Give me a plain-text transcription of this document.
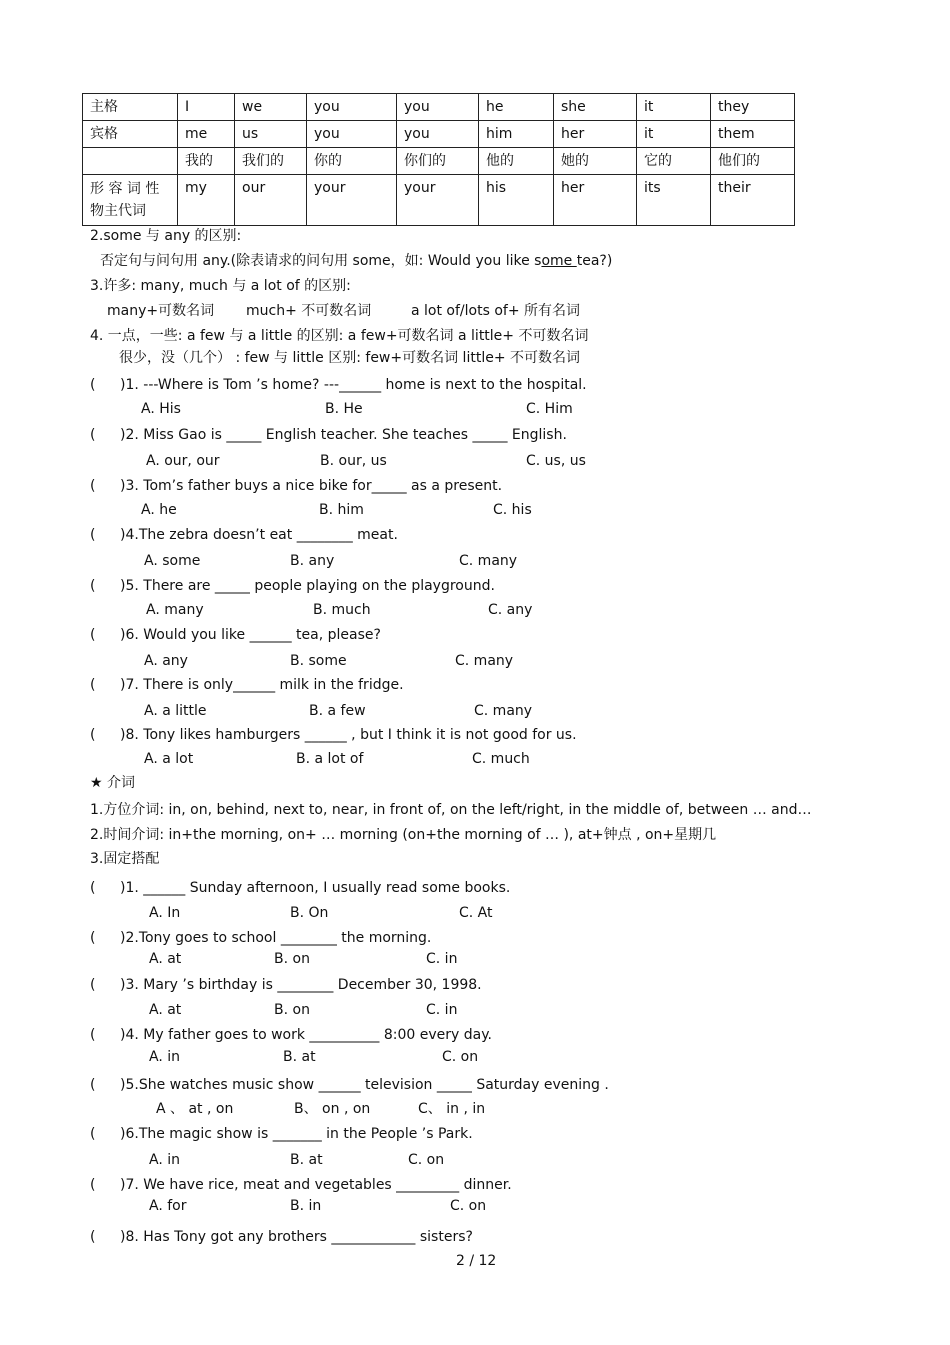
主格	I	we	you	you	he	she	it	they
宾格	me	us	you	you	him	her	it	them
	我的	我们的	你的	你们的	他的	她的	它的	他们的
形 容 词 性
物主代词	my	our	your	your	his	her	its	their
2.some 与 any 的区别:
否定句与问句用 any.(除表请求的问句用 some，如: Would you like some tea?)
3.许多: many, much 与 a lot of 的区别:
many+可数名词 much+ 不可数名词	a lot of/lots of+ 所有名词
4. 一点，一些: a few 与 a little 的区别: a few+可数名词 a little+ 不可数名词
很少，没（几个） : few 与 little 区别: few+可数名词 little+ 不可数名词
( )1. ---Where is Tom ’s home? ---______ home is next to the hospital.
A. His	B. He	C. Him
( )2. Miss Gao is _____ English teacher. She teaches _____ English.
A. our, our	B. our, us	C. us, us
( )3. Tom’s father buys a nice bike for_____ as a present.
A. he	B. him	C. his
( )4.The zebra doesn’t eat ________ meat.
A. some	B. any	C. many
( )5. There are _____ people playing on the playground.
A. many	B. much	C. any
( )6. Would you like ______ tea, please?
A. any	B. some	C. many
( )7. There is only______ milk in the fridge.
A. a little	B. a few	C. many
( )8. Tony likes hamburgers ______ , but I think it is not good for us.
A. a lot	B. a lot of	C. much
★ 介词
1.方位介词: in, on, behind, next to, near, in front of, on the left/right, in the middle of, between … and…
2.时间介词: in+the morning, on+ … morning (on+the morning of … ), at+钟点 , on+星期几
3.固定搭配
( )1. ______ Sunday afternoon, I usually read some books.
A. In	B. On	C. At
( )2.Tony goes to school ________ the morning.
A. at	B. on	C. in
( )3. Mary ’s birthday is ________ December 30, 1998.
A. at	B. on	C. in
( )4. My father goes to work __________ 8:00 every day.
A. in	B. at	C. on
( )5.She watches music show ______ television _____ Saturday evening .
A 、 at , on	B、 on , on	C、 in , in
( )6.The magic show is _______ in the People ’s Park.
A. in	B. at	C. on
( )7. We have rice, meat and vegetables _________ dinner.
A. for	B. in	C. on
( )8. Has Tony got any brothers ____________ sisters?
2 / 12
